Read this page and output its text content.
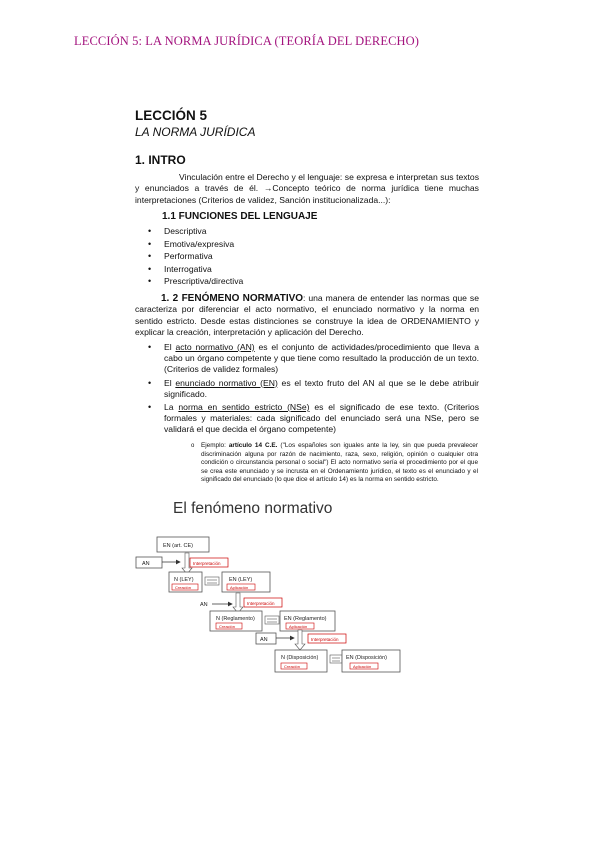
LECCIÓN 5: LA NORMA JURÍDICA (TEORÍA DEL DERECHO)
LECCIÓN 5
LA NORMA JURÍDICA
1. INTRO
Vinculación entre el Derecho y el lenguaje: se expresa e interpretan sus textos y enunciados a través de él. →Concepto teórico de norma jurídica tiene muchas interpretaciones (Criterios de validez, Sanción institucionalizada...):
1.1 FUNCIONES DEL LENGUAJE
• Descriptiva
• Emotiva/expresiva
• Performativa
• Interrogativa
• Prescriptiva/directiva
1. 2 FENÓMENO NORMATIVO: una manera de entender las normas que se caracteriza por diferenciar el acto normativo, el enunciado normativo y la norma en sentido estricto. Desde estas distinciones se construye la idea de ORDENAMIENTO y explicar la creación, interpretación y aplicación del Derecho.
• El acto normativo (AN) es el conjunto de actividades/procedimiento que lleva a cabo un órgano competente y que tiene como resultado la producción de un texto. (Criterios de validez formales)
• El enunciado normativo (EN) es el texto fruto del AN al que se le debe atribuir significado.
• La norma en sentido estricto (NSe) es el significado de ese texto. (Criterios formales y materiales: cada significado del enunciado será una NSe, pero se validará el que decida el órgano competente)
o Ejemplo: artículo 14 C.E. ("Los españoles son iguales ante la ley, sin que pueda prevalecer discriminación alguna por razón de nacimiento, raza, sexo, religión, opinión o cualquier otra condición o circunstancia personal o social") El acto normativo sería el procedimiento por el que se crea este enunciado y se incrusta en el Ordenamiento jurídico, el texto es el enunciado y el significado del enunciado (lo que dice el artículo 14) es la norma en sentido estricto.
El fenómeno normativo
EN (art. CE)
AN	Interpretación
N (LEY)
Creación
EN (LEY)
Aplicación
AN	Interpretación
N (Reglamento)
Creación
EN (Reglamento)
Aplicación
AN	Interpretación
N (Disposición)
Creación
EN (Disposición)
Aplicación
